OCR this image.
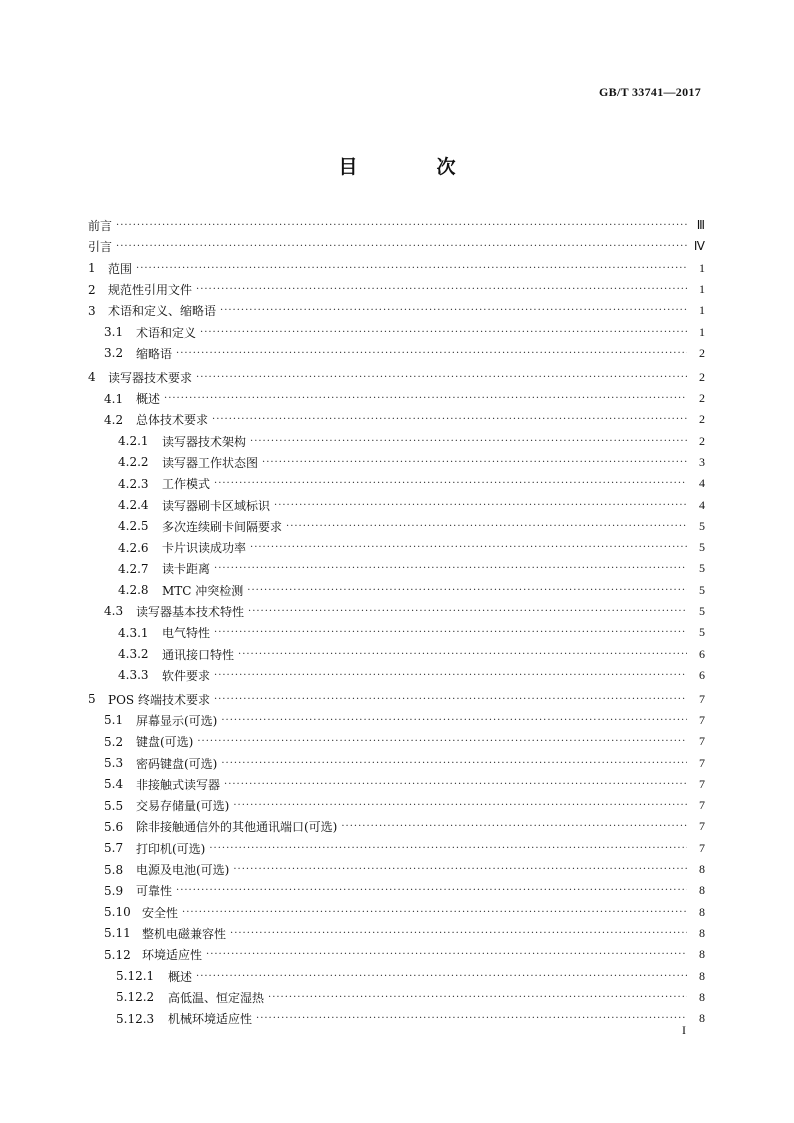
GB/T 33741—2017
目　次
前言 ·····	Ⅲ
引言 ·····	Ⅳ
1	范围 ·····	1
2	规范性引用文件 ·····	1
3	术语和定义、缩略语 ·····	1
3.1	术语和定义 ·····	1
3.2	缩略语 ·····	2
4	读写器技术要求 ·····	2
4.1	概述 ·····	2
4.2	总体技术要求 ·····	2
4.2.1	读写器技术架构 ·····	2
4.2.2	读写器工作状态图 ·····	3
4.2.3	工作模式 ·····	4
4.2.4	读写器刷卡区域标识 ·····	4
4.2.5	多次连续刷卡间隔要求 ·····	5
4.2.6	卡片识读成功率 ·····	5
4.2.7	读卡距离 ·····	5
4.2.8	MTC 冲突检测 ·····	5
4.3	读写器基本技术特性 ·····	5
4.3.1	电气特性 ·····	5
4.3.2	通讯接口特性 ·····	6
4.3.3	软件要求 ·····	6
5	POS 终端技术要求 ·····	7
5.1	屏幕显示(可选) ·····	7
5.2	键盘(可选) ·····	7
5.3	密码键盘(可选) ·····	7
5.4	非接触式读写器 ·····	7
5.5	交易存储量(可选) ·····	7
5.6	除非接触通信外的其他通讯端口(可选) ·····	7
5.7	打印机(可选) ·····	7
5.8	电源及电池(可选) ·····	8
5.9	可靠性 ·····	8
5.10 安全性 ·····	8
5.11 整机电磁兼容性 ·····	8
5.12 环境适应性 ·····	8
5.12.1	概述 ·····	8
5.12.2	高低温、恒定湿热 ·····	8
5.12.3	机械环境适应性 ·····	8
I
